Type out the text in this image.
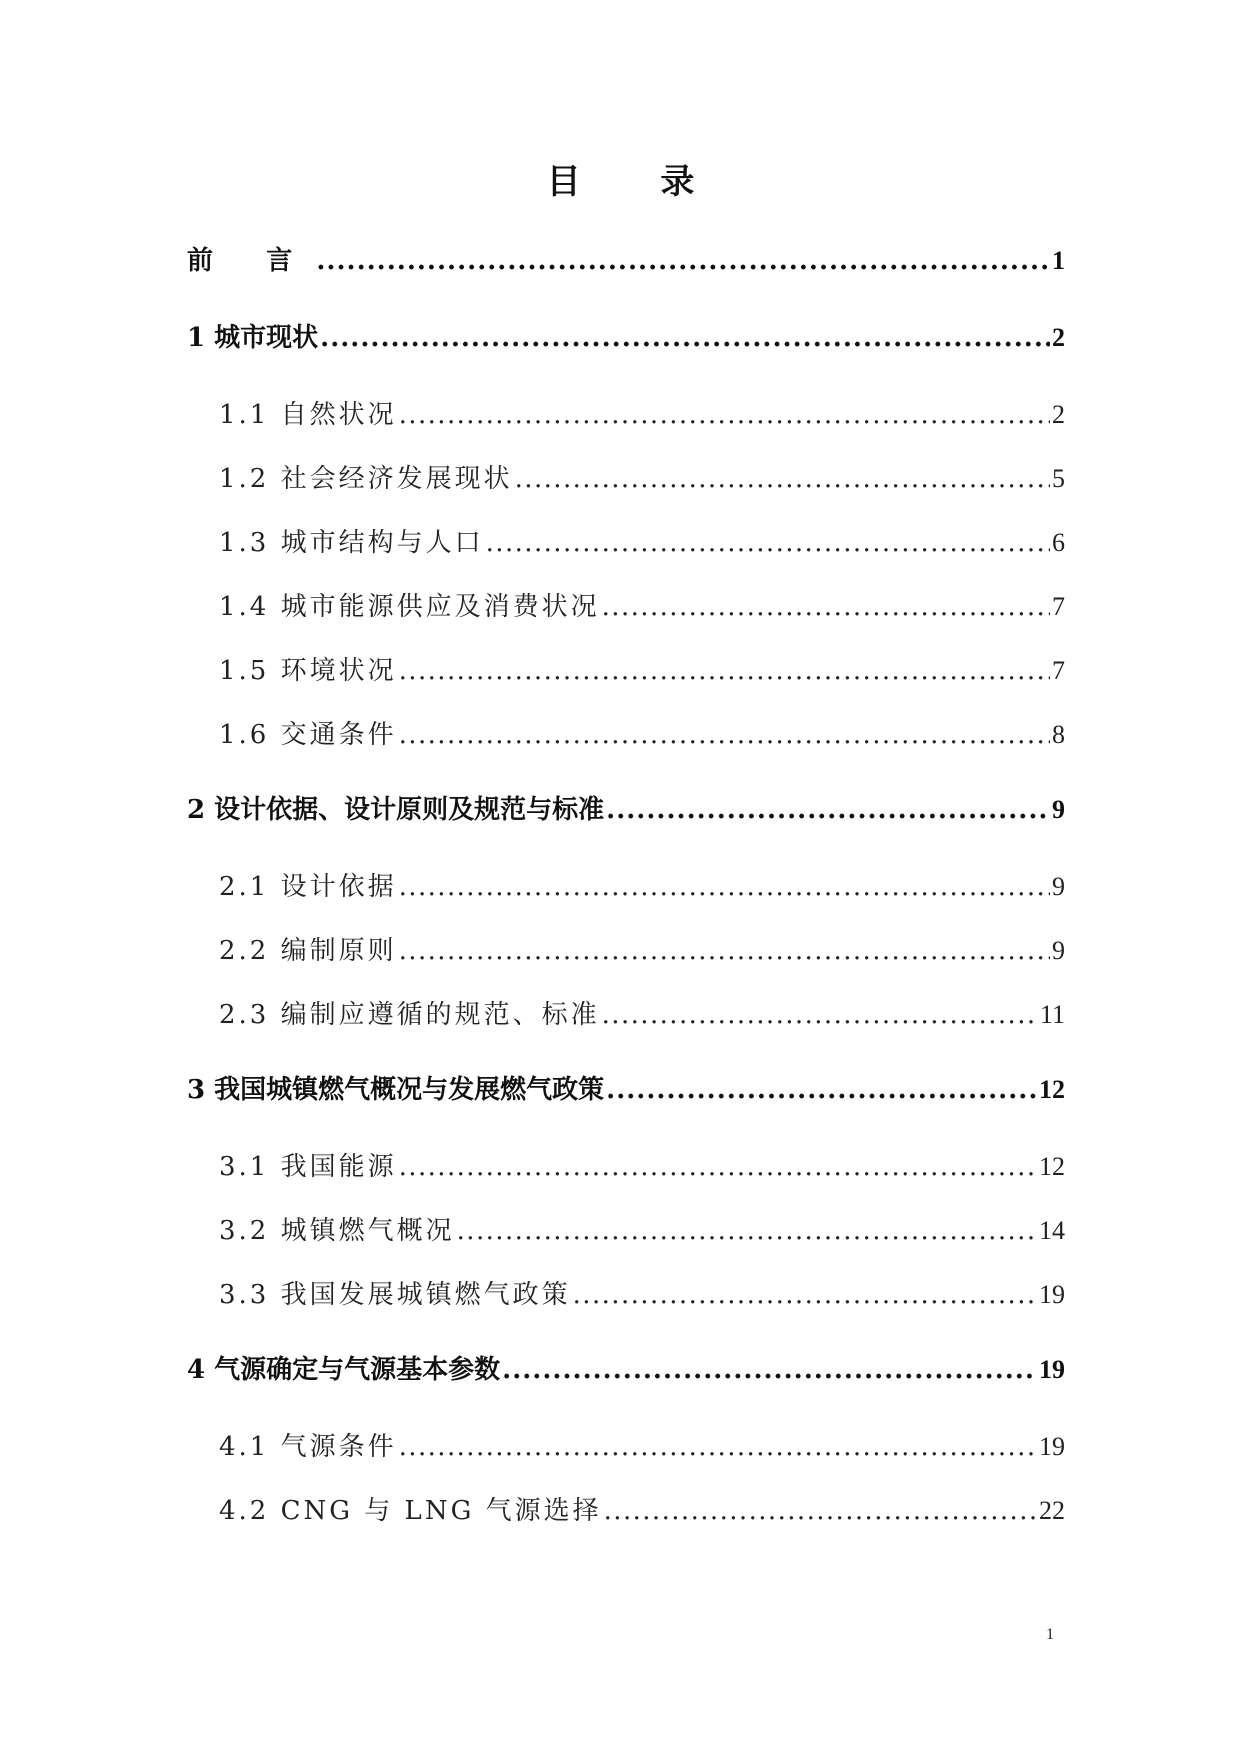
目 录
前 言 .....	1
1 城市现状 .....	2
1.1 自然状况 .....	2
1.2 社会经济发展现状 .....	5
1.3 城市结构与人口 .....	6
1.4 城市能源供应及消费状况 .....	7
1.5 环境状况 .....	7
1.6 交通条件 .....	8
2 设计依据、设计原则及规范与标准 .....	9
2.1 设计依据 .....	9
2.2 编制原则 .....	9
2.3 编制应遵循的规范、标准 .....	11
3 我国城镇燃气概况与发展燃气政策 .....	12
3.1 我国能源 .....	12
3.2 城镇燃气概况 .....	14
3.3 我国发展城镇燃气政策 .....	19
4 气源确定与气源基本参数 .....	19
4.1 气源条件 .....	19
4.2 CNG 与 LNG 气源选择 .....	22
1
